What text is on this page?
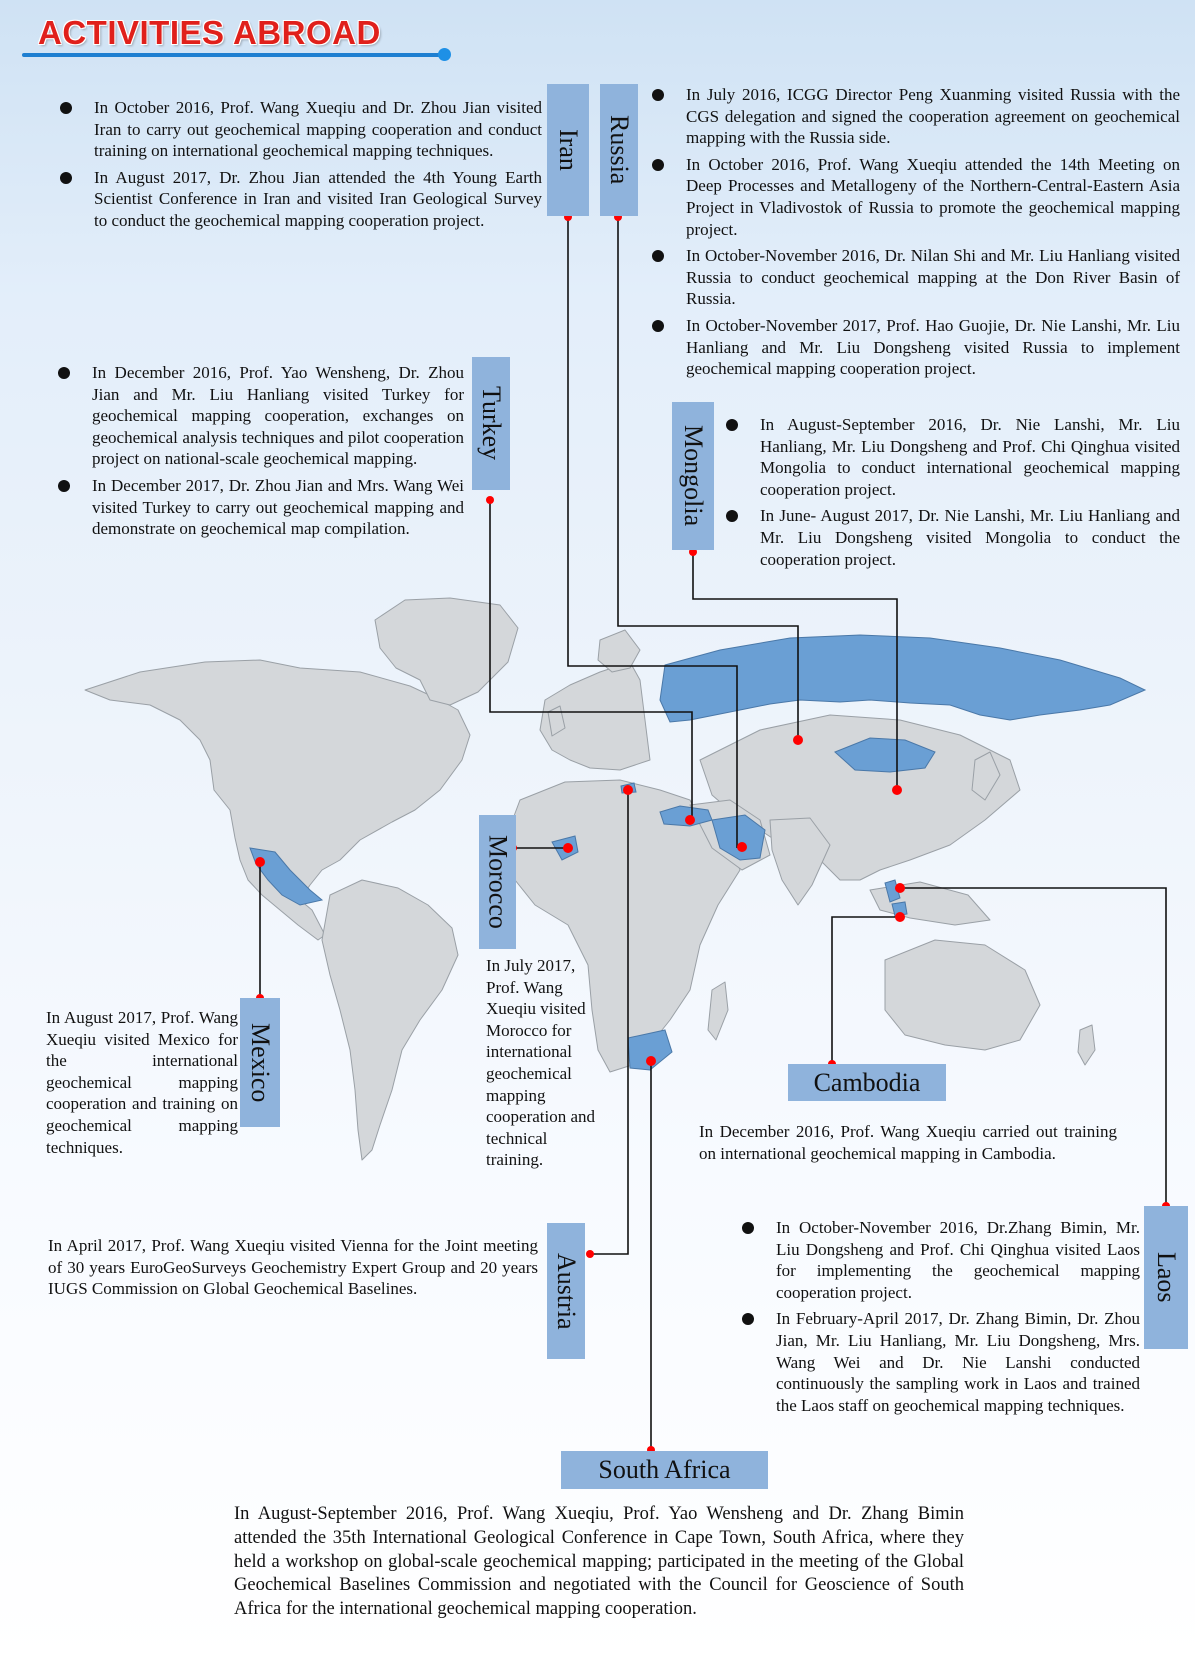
ACTIVITIES ABROAD
In October 2016, Prof. Wang Xueqiu and Dr. Zhou Jian visited Iran to carry out geochemical mapping cooperation and conduct training on international geochemical mapping techniques.
In August 2017, Dr. Zhou Jian attended the 4th Young Earth Scientist Conference in Iran and visited Iran Geological Survey to conduct the geochemical mapping cooperation project.
In July 2016, ICGG Director Peng Xuanming visited Russia with the CGS delegation and signed the cooperation agreement on geochemical mapping with the Russia side.
In October 2016, Prof. Wang Xueqiu attended the 14th Meeting on Deep Processes and Metallogeny of the Northern-Central-Eastern Asia Project in Vladivostok of Russia to promote the geochemical mapping project.
In October-November 2016, Dr. Nilan Shi and Mr. Liu Hanliang visited Russia to conduct geochemical mapping at the Don River Basin of Russia.
In October-November 2017, Prof. Hao Guojie, Dr. Nie Lanshi, Mr. Liu Hanliang and Mr. Liu Dongsheng visited Russia to implement geochemical mapping cooperation project.
In December 2016, Prof. Yao Wensheng, Dr. Zhou Jian and Mr. Liu Hanliang visited Turkey for geochemical mapping cooperation, exchanges on geochemical analysis techniques and pilot cooperation project on national-scale geochemical mapping.
In December 2017, Dr. Zhou Jian and Mrs. Wang Wei visited Turkey to carry out geochemical mapping and demonstrate on geochemical map compilation.
In August-September 2016, Dr. Nie Lanshi, Mr. Liu Hanliang, Mr. Liu Dongsheng and Prof. Chi Qinghua visited Mongolia to conduct international geochemical mapping cooperation project.
In June- August 2017, Dr. Nie Lanshi, Mr. Liu Hanliang and Mr. Liu Dongsheng visited Mongolia to conduct the cooperation project.

In July 2017, Prof. Wang Xueqiu visited Morocco for international geochemical mapping cooperation and technical training.

In August 2017, Prof. Wang Xueqiu visited Mexico for the international geochemical mapping cooperation and training on geochemical mapping techniques.

In December 2016, Prof. Wang Xueqiu carried out training on international geochemical mapping in Cambodia.

In October-November 2016, Dr.Zhang Bimin, Mr. Liu Dongsheng and Prof. Chi Qinghua visited Laos for implementing the geochemical mapping cooperation project.
In February-April 2017, Dr. Zhang Bimin, Dr. Zhou Jian, Mr. Liu Hanliang, Mr. Liu Dongsheng, Mrs. Wang Wei and Dr. Nie Lanshi conducted continuously the sampling work in Laos and trained the Laos staff on geochemical mapping techniques.

In April 2017, Prof. Wang Xueqiu visited Vienna for the Joint meeting of 30 years EuroGeoSurveys Geochemistry Expert Group and 20 years IUGS Commission on Global Geochemical Baselines.

In August-September 2016, Prof. Wang Xueqiu, Prof. Yao Wensheng and Dr. Zhang Bimin attended the 35th International Geological Conference in Cape Town, South Africa, where they held a workshop on global-scale geochemical mapping; participated in the meeting of the Global Geochemical Baselines Commission and negotiated with the Council for Geoscience of South Africa for the international geochemical mapping cooperation.

Iran Russia
Turkey
Mongolia
Morocco
Mexico	Cambodia
Laos
Austria
South Africa
